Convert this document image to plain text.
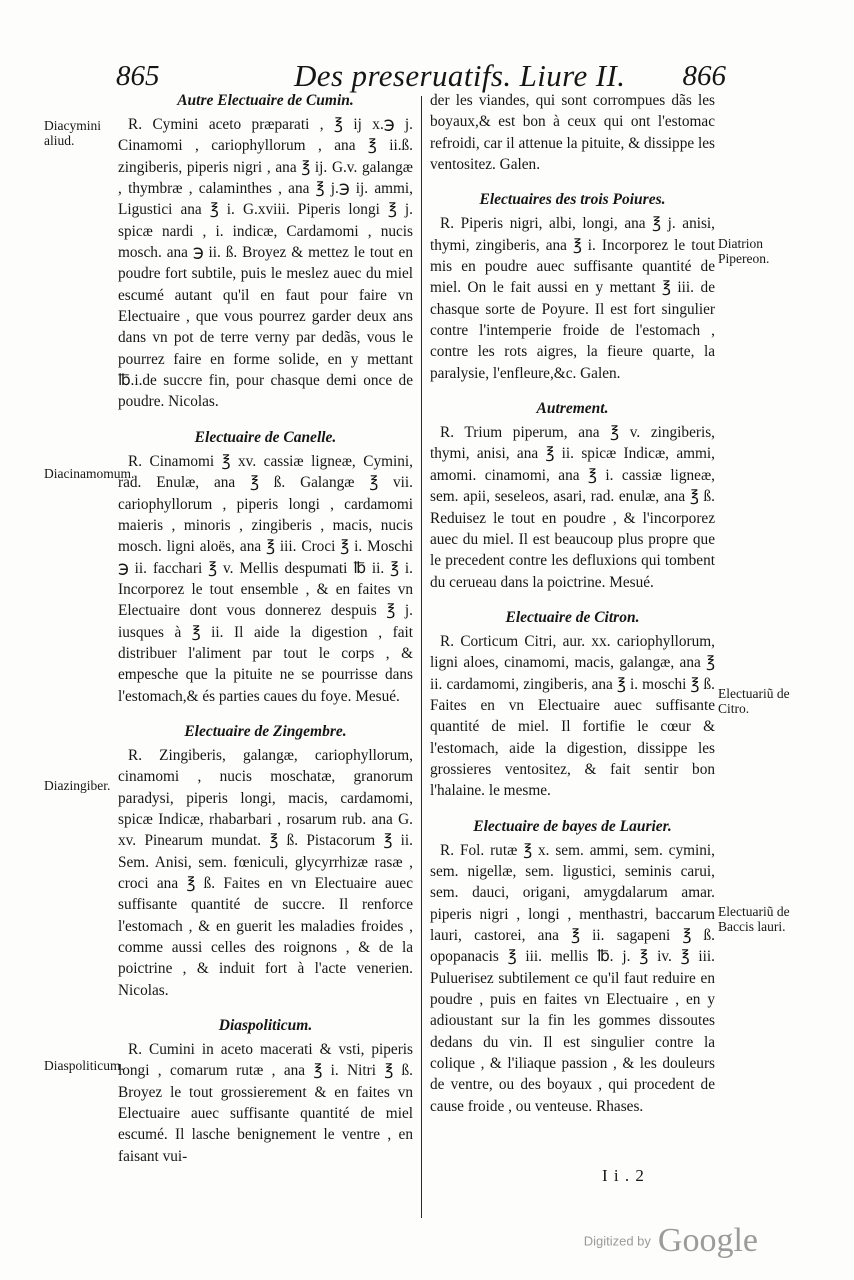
865	Des preseruatifs. Liure II. 866
Autre Electuaire de Cumin.

R. Cymini aceto præparati , ℥ ij x.℈ j. Cinamomi , cariophyllorum , ana ℥ ii.ß. zingiberis, piperis nigri , ana ℥ ij. G.v. galangæ , thymbræ , calaminthes , ana ℥ j.℈ ij. ammi, Ligustici ana ℥ i. G.xviii. Piperis longi ℥ j. spicæ nardi , i. indicæ, Cardamomi , nucis mosch. ana ℈ ii. ß. Broyez & mettez le tout en poudre fort subtile, puis le meslez auec du miel escumé autant qu'il en faut pour faire vn Electuaire , que vous pourrez garder deux ans dans vn pot de terre verny par dedãs, vous le pourrez faire en forme solide, en y mettant ℔.i.de succre fin, pour chasque demi once de poudre. Nicolas.

Electuaire de Canelle.

R. Cinamomi ℥ xv. cassiæ ligneæ, Cymini, rad. Enulæ, ana ℥ ß. Galangæ ℥ vii. cariophyllorum , piperis longi , cardamomi maieris , minoris , zingiberis , macis, nucis mosch. ligni aloës, ana ℥ iii. Croci ℥ i. Moschi ℈ ii. facchari ℥ v. Mellis despumati ℔ ii. ℥ i. Incorporez le tout ensemble , & en faites vn Electuaire dont vous donnerez despuis ℥ j. iusques à ℥ ii. Il aide la digestion , fait distribuer l'aliment par tout le corps , & empesche que la pituite ne se pourrisse dans l'estomach,& és parties caues du foye. Mesué.

Electuaire de Zingembre.

R. Zingiberis, galangæ, cariophyllorum, cinamomi , nucis moschatæ, granorum paradysi, piperis longi, macis, cardamomi, spicæ Indicæ, rhabarbari , rosarum rub. ana G. xv. Pinearum mundat. ℥ ß. Pistacorum ℥ ii. Sem. Anisi, sem. fœniculi, glycyrrhizæ rasæ , croci ana ℥ ß. Faites en vn Electuaire auec suffisante quantité de succre. Il renforce l'estomach , & en guerit les maladies froides , comme aussi celles des roignons , & de la poictrine , & induit fort à l'acte venerien. Nicolas.

Diaspoliticum.

R. Cumini in aceto macerati & vsti, piperis longi , comarum rutæ , ana ℥ i. Nitri ℥ ß. Broyez le tout grossierement & en faites vn Electuaire auec suffisante quantité de miel escumé. Il lasche benignement le ventre , en faisant vui-

der les viandes, qui sont corrompues dãs les boyaux,& est bon à ceux qui ont l'estomac refroidi, car il attenue la pituite, & dissippe les ventositez. Galen.

Electuaires des trois Poiures.

R. Piperis nigri, albi, longi, ana ℥ j. anisi, thymi, zingiberis, ana ℥ i. Incorporez le tout mis en poudre auec suffisante quantité de miel. On le fait aussi en y mettant ℥ iii. de chasque sorte de Poyure. Il est fort singulier contre l'intemperie froide de l'estomach , contre les rots aigres, la fieure quarte, la paralysie, l'enfleure,&c. Galen.

Autrement.

R. Trium piperum, ana ℥ v. zingiberis, thymi, anisi, ana ℥ ii. spicæ Indicæ, ammi, amomi. cinamomi, ana ℥ i. cassiæ ligneæ, sem. apii, seseleos, asari, rad. enulæ, ana ℥ ß. Reduisez le tout en poudre , & l'incorporez auec du miel. Il est beaucoup plus propre que le precedent contre les defluxions qui tombent du cerueau dans la poictrine. Mesué.

Electuaire de Citron.

R. Corticum Citri, aur. xx. cariophyllorum, ligni aloes, cinamomi, macis, galangæ, ana ℥ ii. cardamomi, zingiberis, ana ℥ i. moschi ℥ ß. Faites en vn Electuaire auec suffisante quantité de miel. Il fortifie le cœur & l'estomach, aide la digestion, dissippe les grossieres ventositez, & fait sentir bon l'halaine. le mesme.

Electuaire de bayes de Laurier.

R. Fol. rutæ ℥ x. sem. ammi, sem. cymini, sem. nigellæ, sem. ligustici, seminis carui, sem. dauci, origani, amygdalarum amar. piperis nigri , longi , menthastri, baccarum lauri, castorei, ana ℥ ii. sagapeni ℥ ß. opopanacis ℥ iii. mellis ℔. j. ℥ iv. ℥ iii. Puluerisez subtilement ce qu'il faut reduire en poudre , puis en faites vn Electuaire , en y adioustant sur la fin les gommes dissoutes dedans du vin. Il est singulier contre la colique , & l'iliaque passion , & les douleurs de ventre, ou des boyaux , qui procedent de cause froide , ou venteuse. Rhases.

Diacymini aliud.
Diacinamomum.
Diazingiber.
Diaspoliticum.
Diatrion Pipereon.
Electuariũ de Citro.
Electuariũ de Baccis lauri.
I i . 2
Digitized by Google
